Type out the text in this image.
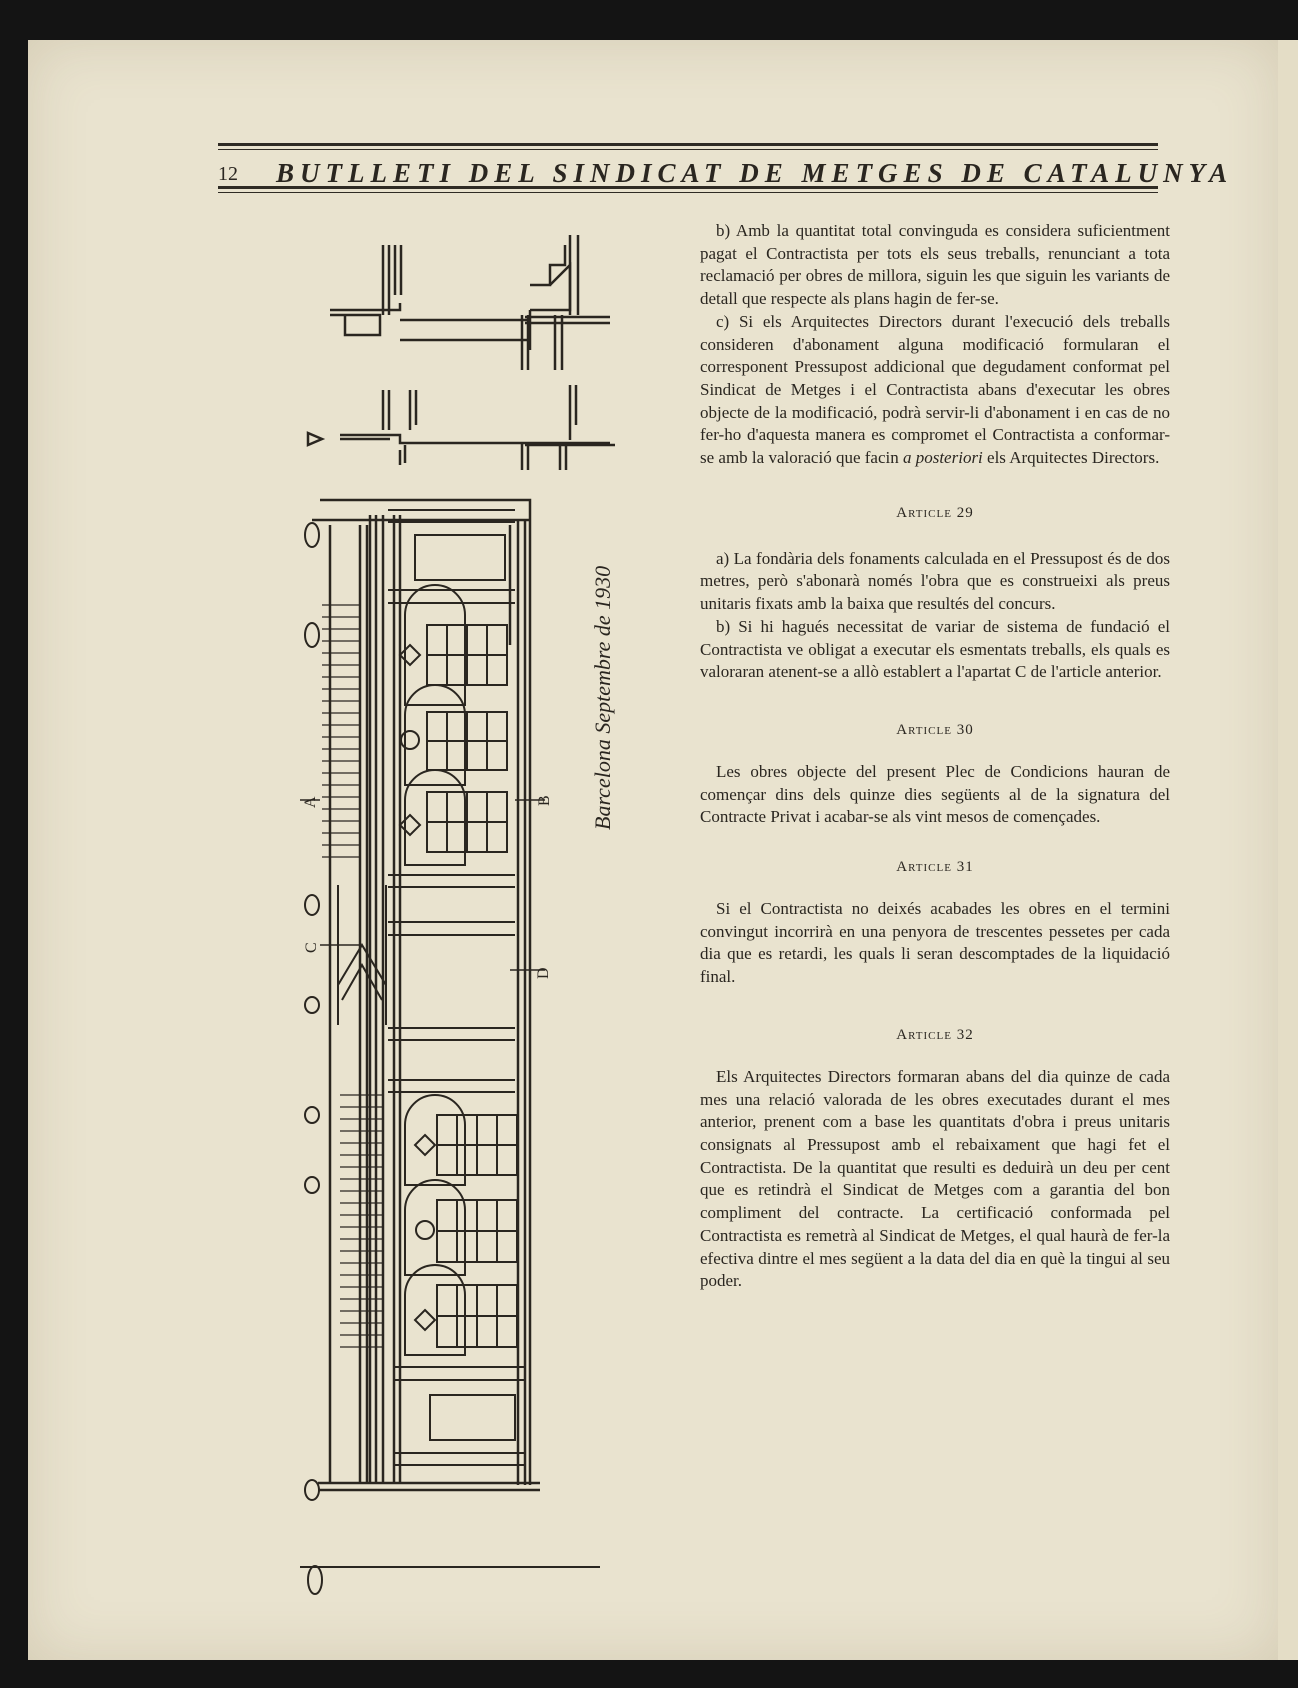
12 BUTLLETI DEL SINDICAT DE METGES DE CATALUNYA
A	B
C
D
Barcelona Septembre de 1930

b) Amb la quantitat total convinguda es considera suficientment pagat el Contractista per tots els seus treballs, renunciant a tota reclamació per obres de millora, siguin les que siguin les variants de detall que respecte als plans hagin de fer-se.

c) Si els Arquitectes Directors durant l'execució dels treballs consideren d'abonament alguna modificació formularan el corresponent Pressupost addicional que degudament conformat pel Sindicat de Metges i el Contractista abans d'executar les obres objecte de la modificació, podrà servir-li d'abonament i en cas de no fer-ho d'aquesta manera es compromet el Contractista a conformar-se amb la valoració que facin a posteriori els Arquitectes Directors.

Article 29

a) La fondària dels fonaments calculada en el Pressupost és de dos metres, però s'abonarà només l'obra que es construeixi als preus unitaris fixats amb la baixa que resultés del concurs.

b) Si hi hagués necessitat de variar de sistema de fundació el Contractista ve obligat a executar els esmentats treballs, els quals es valoraran atenent-se a allò establert a l'apartat C de l'article anterior.

Article 30

Les obres objecte del present Plec de Condicions hauran de començar dins dels quinze dies següents al de la signatura del Contracte Privat i acabar-se als vint mesos de començades.

Article 31

Si el Contractista no deixés acabades les obres en el termini convingut incorrirà en una penyora de trescentes pessetes per cada dia que es retardi, les quals li seran descomptades de la liquidació final.

Article 32

Els Arquitectes Directors formaran abans del dia quinze de cada mes una relació valorada de les obres executades durant el mes anterior, prenent com a base les quantitats d'obra i preus unitaris consignats al Pressupost amb el rebaixament que hagi fet el Contractista. De la quantitat que resulti es deduirà un deu per cent que es retindrà el Sindicat de Metges com a garantia del bon compliment del contracte. La certificació conformada pel Contractista es remetrà al Sindicat de Metges, el qual haurà de fer-la efectiva dintre el mes següent a la data del dia en què la tingui al seu poder.
